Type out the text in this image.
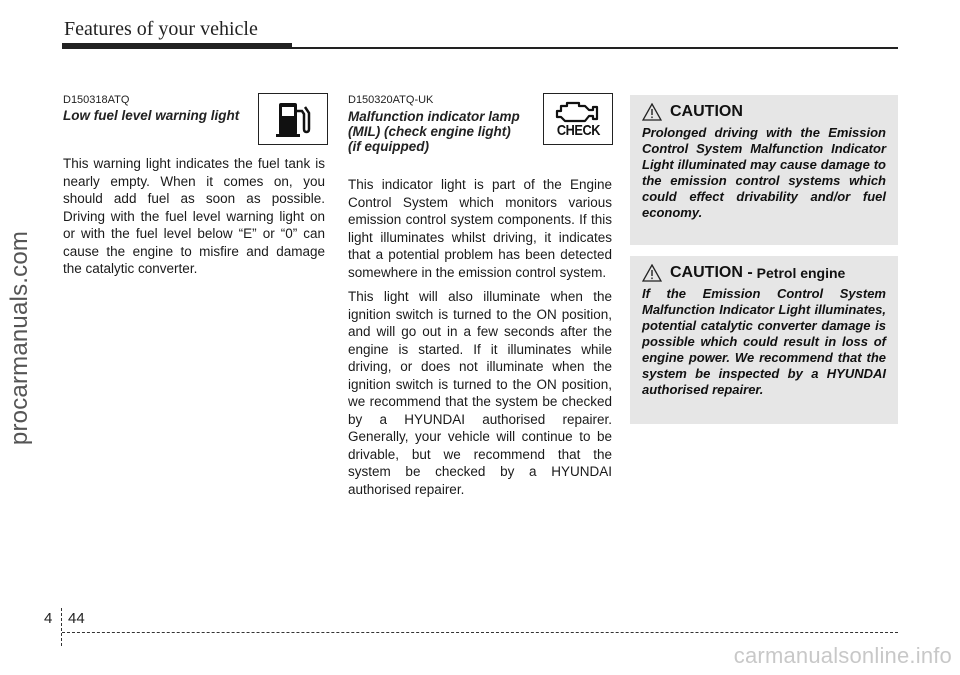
Features of your vehicle
procarmanuals.com
D150318ATQ
Low fuel level warning light

This warning light indicates the fuel tank is nearly empty. When it comes on, you should add fuel as soon as possible. Driving with the fuel level warning light on or with the fuel level below “E” or “0” can cause the engine to misfire and damage the catalytic converter.

D150320ATQ-UK
Malfunction indicator lamp
(MIL) (check engine light)
(if equipped)
CHECK

This indicator light is part of the Engine Control System which monitors various emission control system components. If this light illuminates whilst driving, it indicates that a potential problem has been detected somewhere in the emission control system.

This light will also illuminate when the ignition switch is turned to the ON position, and will go out in a few seconds after the engine is started. If it illuminates while driving, or does not illuminate when the ignition switch is turned to the ON position, we recommend that the system be checked by a HYUNDAI authorised repairer. Generally, your vehicle will continue to be drivable, but we recommend that the system be checked by a HYUNDAI authorised repairer.

CAUTION

Prolonged driving with the Emission Control System Malfunction Indicator Light illuminated may cause damage to the emission control systems which could effect drivability and/or fuel economy.

CAUTION - Petrol engine

If the Emission Control System Malfunction Indicator Light illuminates, potential catalytic converter damage is possible which could result in loss of engine power. We recommend that the system be inspected by a HYUNDAI authorised repairer.

4 44
carmanualsonline.info
